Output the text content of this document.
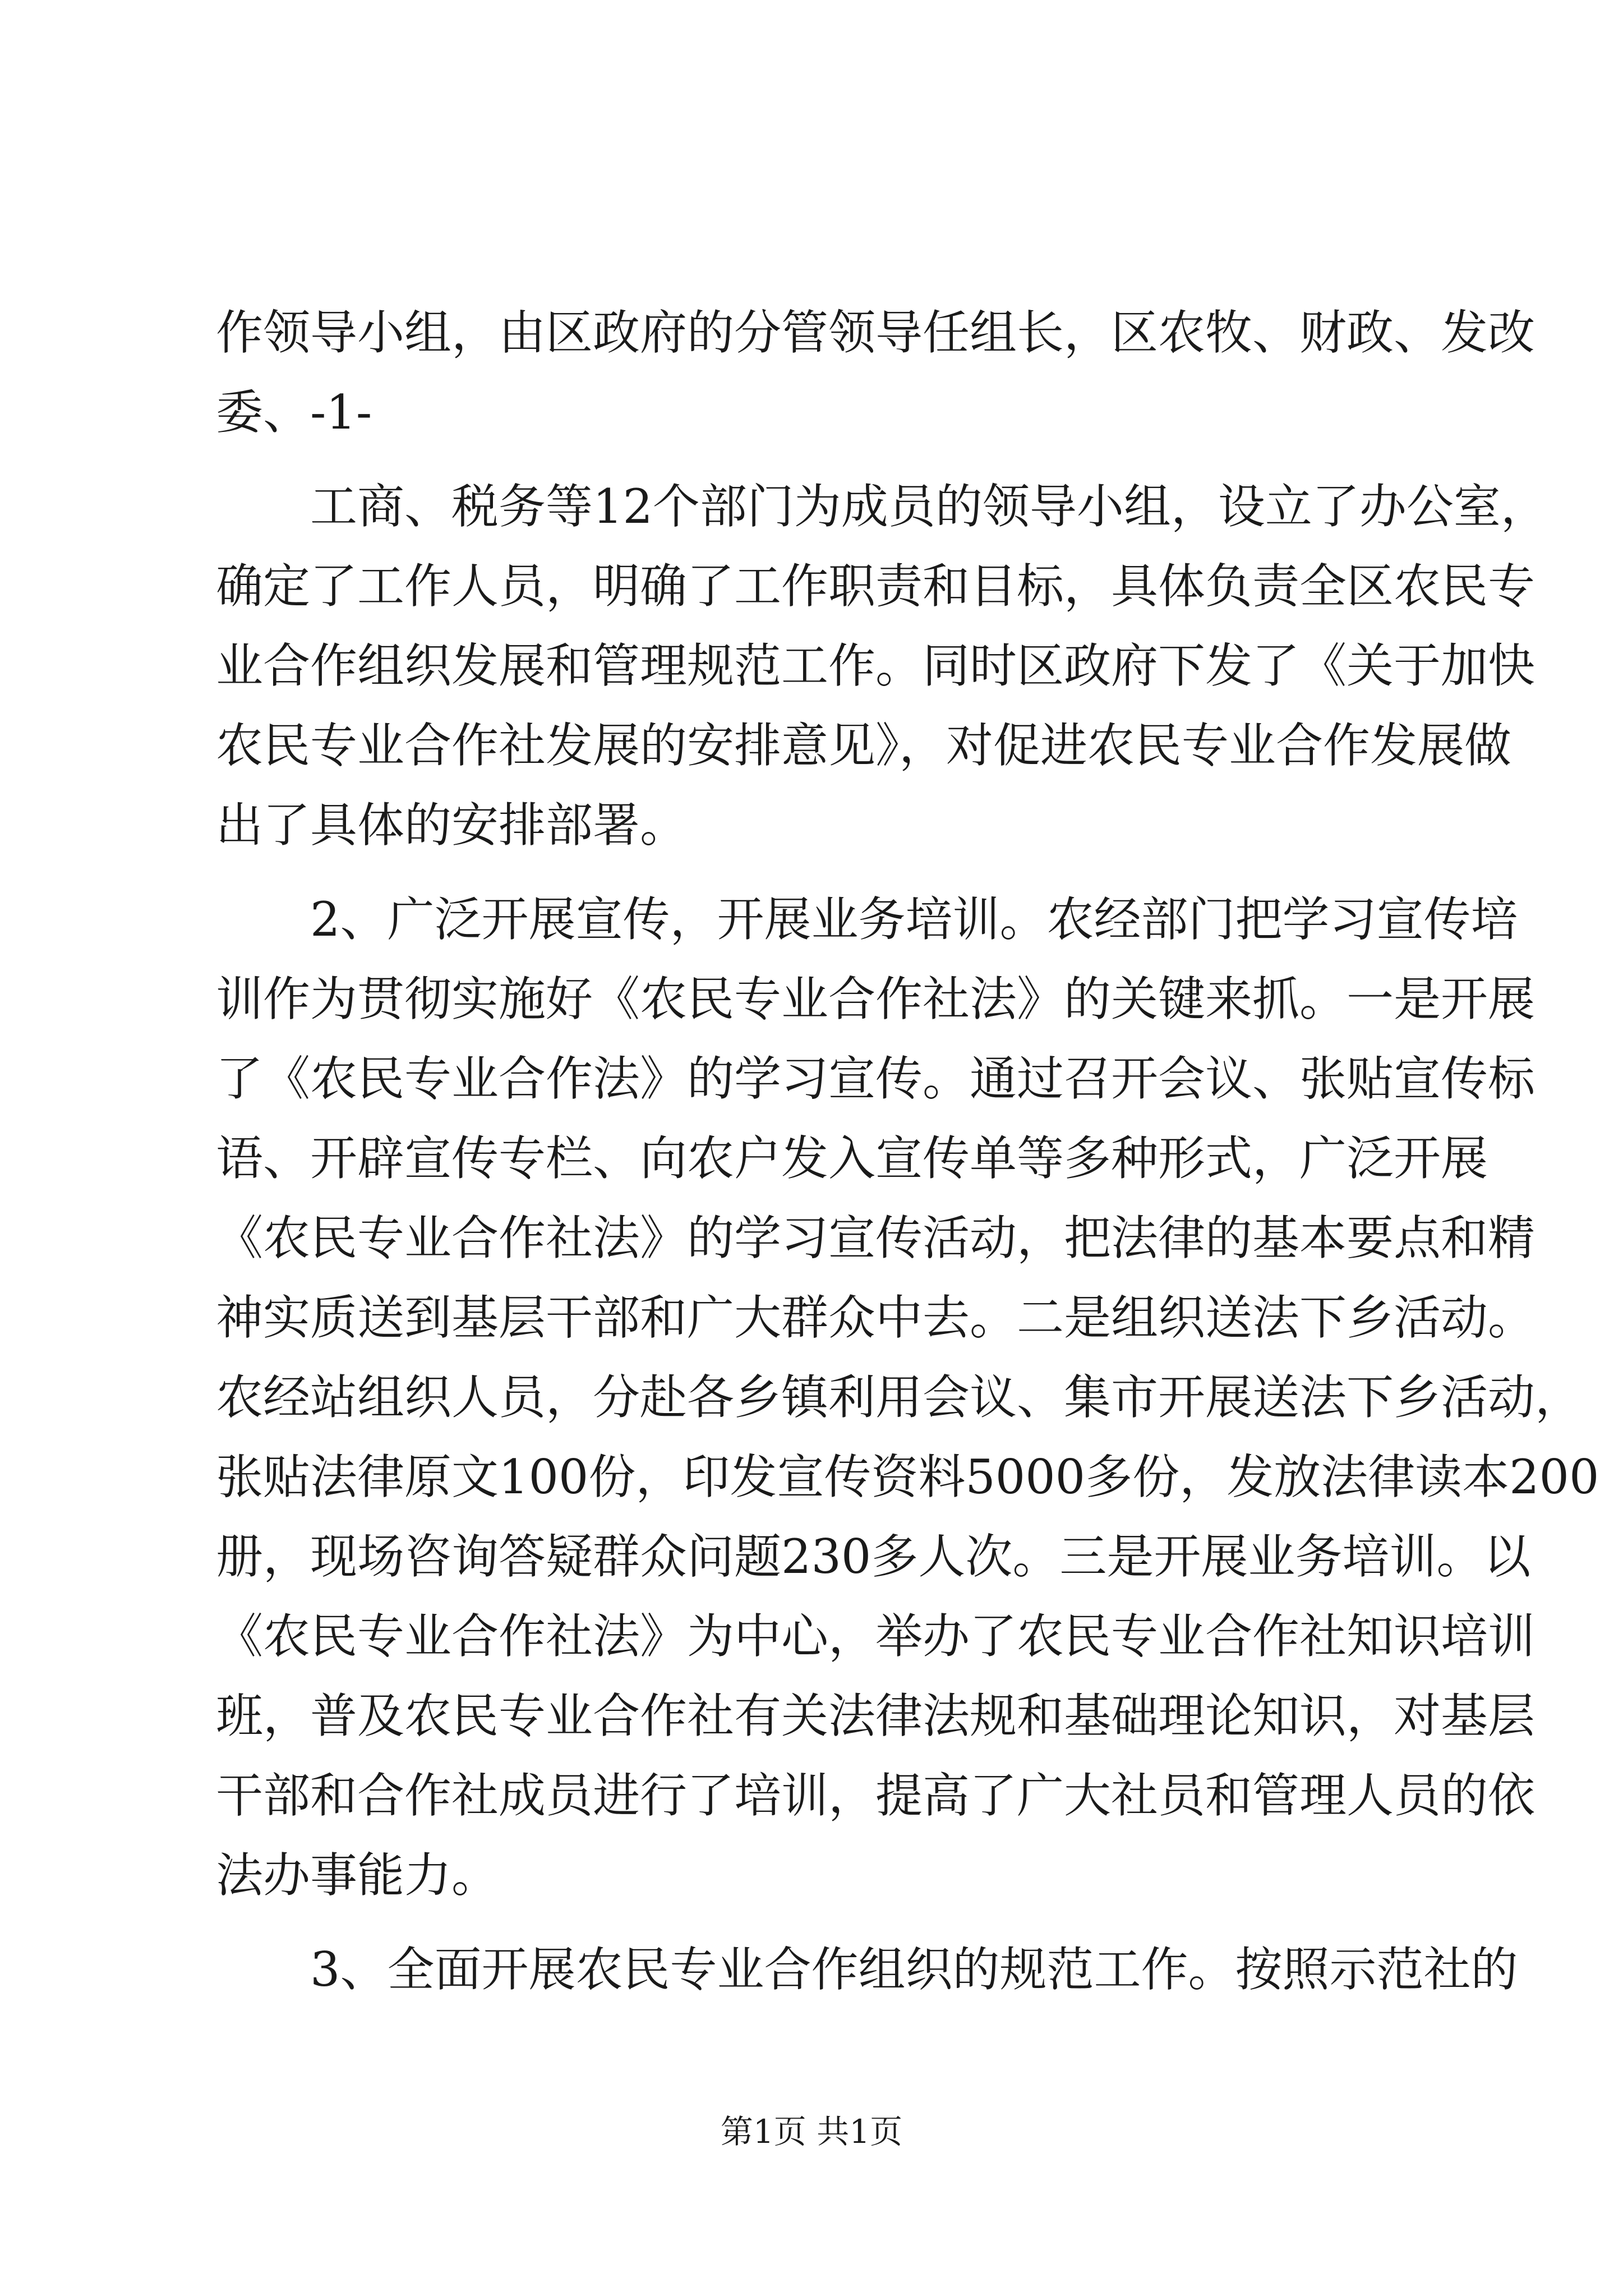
作领导小组，由区政府的分管领导任组长，区农牧、财政、发改
委、-1-
　　工商、税务等12个部门为成员的领导小组，设立了办公室，
确定了工作人员，明确了工作职责和目标，具体负责全区农民专
业合作组织发展和管理规范工作。同时区政府下发了《关于加快
农民专业合作社发展的安排意见》，对促进农民专业合作发展做
出了具体的安排部署。
　　2、广泛开展宣传，开展业务培训。农经部门把学习宣传培
训作为贯彻实施好《农民专业合作社法》的关键来抓。一是开展
了《农民专业合作法》的学习宣传。通过召开会议、张贴宣传标
语、开辟宣传专栏、向农户发入宣传单等多种形式，广泛开展
《农民专业合作社法》的学习宣传活动，把法律的基本要点和精
神实质送到基层干部和广大群众中去。二是组织送法下乡活动。
农经站组织人员，分赴各乡镇利用会议、集市开展送法下乡活动，
张贴法律原文100份，印发宣传资料5000多份，发放法律读本200
册，现场咨询答疑群众问题230多人次。三是开展业务培训。以
《农民专业合作社法》为中心，举办了农民专业合作社知识培训
班，普及农民专业合作社有关法律法规和基础理论知识，对基层
干部和合作社成员进行了培训，提高了广大社员和管理人员的依
法办事能力。
　　3、全面开展农民专业合作组织的规范工作。按照示范社的
第1页 共1页
